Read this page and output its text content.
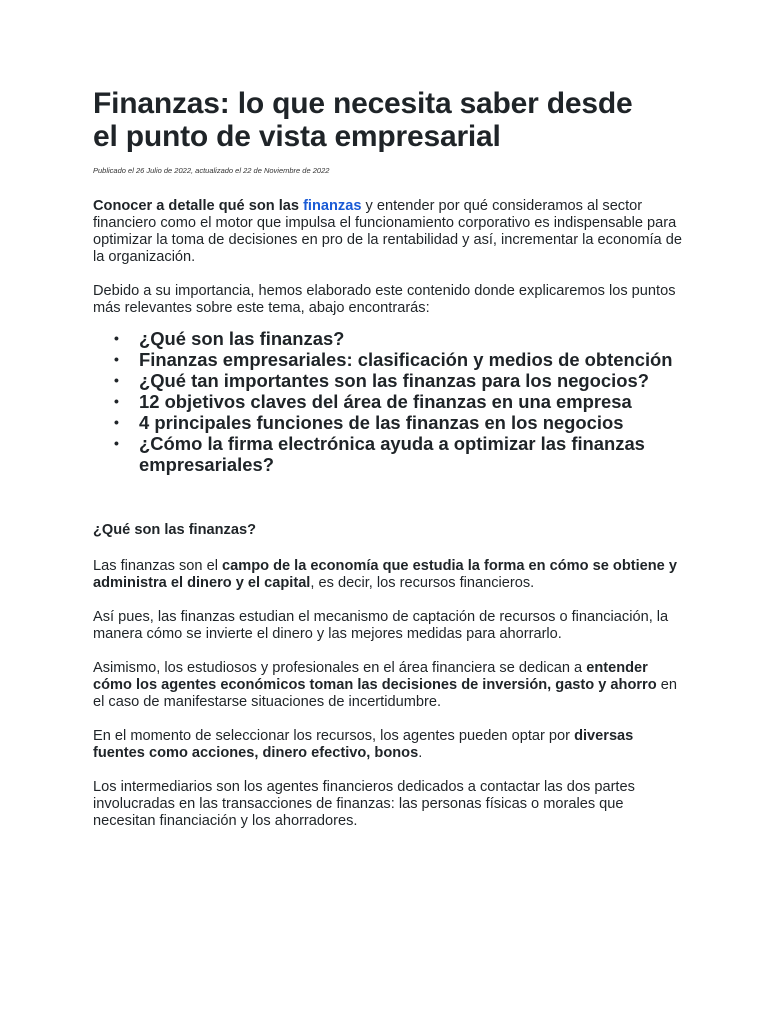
Finanzas: lo que necesita saber desde
el punto de vista empresarial

Publicado el 26 Julio de 2022, actualizado el 22 de Noviembre de 2022

Conocer a detalle qué son las finanzas y entender por qué consideramos al sector financiero como el motor que impulsa el funcionamiento corporativo es indispensable para optimizar la toma de decisiones en pro de la rentabilidad y así, incrementar la economía de la organización.

Debido a su importancia, hemos elaborado este contenido donde explicaremos los puntos más relevantes sobre este tema, abajo encontrarás:

• ¿Qué son las finanzas?
• Finanzas empresariales: clasificación y medios de obtención
• ¿Qué tan importantes son las finanzas para los negocios?
• 12 objetivos claves del área de finanzas en una empresa
• 4 principales funciones de las finanzas en los negocios
• ¿Cómo la firma electrónica ayuda a optimizar las finanzas empresariales?
¿Qué son las finanzas?

Las finanzas son el campo de la economía que estudia la forma en cómo se obtiene y administra el dinero y el capital, es decir, los recursos financieros.

Así pues, las finanzas estudian el mecanismo de captación de recursos o financiación, la manera cómo se invierte el dinero y las mejores medidas para ahorrarlo.

Asimismo, los estudiosos y profesionales en el área financiera se dedican a entender cómo los agentes económicos toman las decisiones de inversión, gasto y ahorro en el caso de manifestarse situaciones de incertidumbre.

En el momento de seleccionar los recursos, los agentes pueden optar por diversas fuentes como acciones, dinero efectivo, bonos.

Los intermediarios son los agentes financieros dedicados a contactar las dos partes involucradas en las transacciones de finanzas: las personas físicas o morales que necesitan financiación y los ahorradores.
